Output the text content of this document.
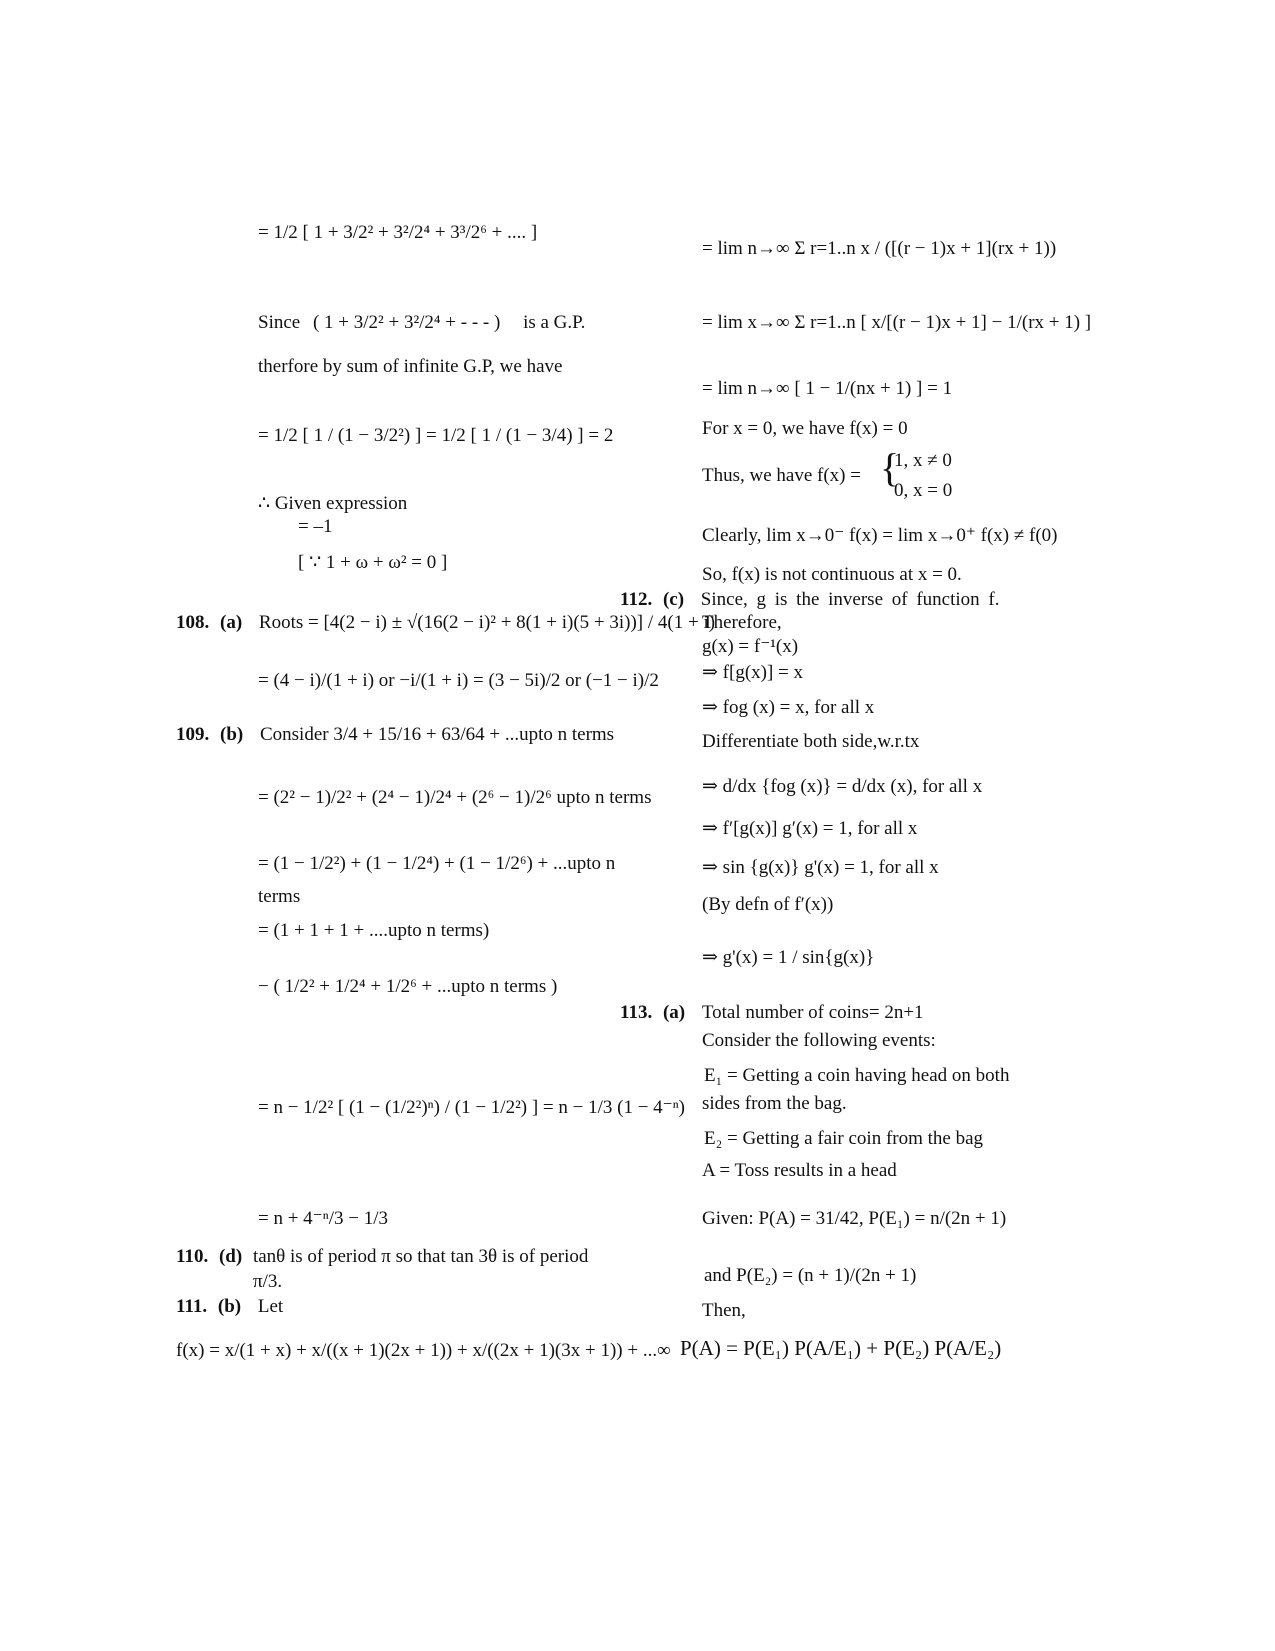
= 1/2 [ 1 + 3/2² + 3²/2⁴ + 3³/2⁶ + .... ]
Since ( 1 + 3/2² + 3²/2⁴ + - - - ) is a G.P.
therfore by sum of infinite G.P, we have
= 1/2 [ 1 / (1 − 3/2²) ] = 1/2 [ 1 / (1 − 3/4) ] = 2
∴ Given expression
= –1
[ ∵ 1 + ω + ω² = 0 ]
108. (a) Roots = [4(2 − i) ± √(16(2 − i)² + 8(1 + i)(5 + 3i))] / 4(1 + i)
= (4 − i)/(1 + i) or −i/(1 + i) = (3 − 5i)/2 or (−1 − i)/2
109. (b) Consider 3/4 + 15/16 + 63/64 + ...upto n terms
= (2² − 1)/2² + (2⁴ − 1)/2⁴ + (2⁶ − 1)/2⁶ upto n terms
= (1 − 1/2²) + (1 − 1/2⁴) + (1 − 1/2⁶) + ...upto n
terms
= (1 + 1 + 1 + ....upto n terms)
− ( 1/2² + 1/2⁴ + 1/2⁶ + ...upto n terms )
= n − 1/2² [ (1 − (1/2²)ⁿ) / (1 − 1/2²) ] = n − 1/3 (1 − 4⁻ⁿ)
= n + 4⁻ⁿ/3 − 1/3
110. (d) tanθ is of period π so that tan 3θ is of period
π/3.
111. (b) Let
f(x) = x/(1 + x) + x/((x + 1)(2x + 1)) + x/((2x + 1)(3x + 1)) + ...∞
= lim n→∞ Σ r=1..n x / ([(r − 1)x + 1](rx + 1))
= lim x→∞ Σ r=1..n [ x/[(r − 1)x + 1] − 1/(rx + 1) ]
= lim n→∞ [ 1 − 1/(nx + 1) ] = 1
For x = 0, we have f(x) = 0
Thus, we have f(x) = {
1, x ≠ 0
0, x = 0
Clearly, lim x→0⁻ f(x) = lim x→0⁺ f(x) ≠ f(0)
So, f(x) is not continuous at x = 0.
112. (c) Since, g is the inverse of function f.
Therefore,
g(x) = f⁻¹(x)
⇒ f[g(x)] = x
⇒ fog (x) = x, for all x
Differentiate both side,w.r.tx
⇒ d/dx {fog (x)} = d/dx (x), for all x
⇒ f′[g(x)] g′(x) = 1, for all x
⇒ sin {g(x)} g'(x) = 1, for all x
(By defn of f′(x))
⇒ g'(x) = 1 / sin{g(x)}
113. (a) Total number of coins= 2n+1
Consider the following events:
E₁ = Getting a coin having head on both
sides from the bag.
E₂ = Getting a fair coin from the bag
A = Toss results in a head
Given: P(A) = 31/42, P(E₁) = n/(2n + 1)
and P(E₂) = (n + 1)/(2n + 1)
Then,
P(A) = P(E₁) P(A/E₁) + P(E₂) P(A/E₂)
